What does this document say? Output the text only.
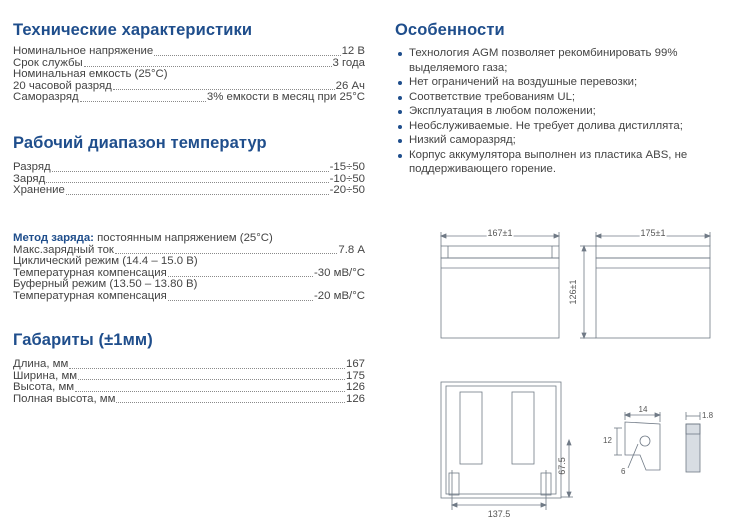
Технические характеристики
Номинальное напряжение	12 В
Срок службы	3 года
Номинальная емкость (25°C)
20 часовой разряд	26 Ач
Саморазряд	3% емкости в месяц при 25°C
Рабочий диапазон температур
Разряд	-15÷50
Заряд	-10÷50
Хранение	-20÷50
Метод заряда: постоянным напряжением (25°C)
Макс.зарядный ток	7.8 А
Циклический режим (14.4 – 15.0 В)
Температурная компенсация	-30 мВ/°C
Буферный режим (13.50 – 13.80 В)
Температурная компенсация	-20 мВ/°C
Габариты (±1мм)
Длина, мм	167
Ширина, мм	175
Высота, мм	126
Полная высота, мм	126
Особенности
Технология AGM позволяет рекомбинировать 99% выделяемого газа;
Нет ограничений на воздушные перевозки;
Соответствие требованиям UL;
Эксплуатация в любом положении;
Необслуживаемые. Не требует долива дистиллята;
Низкий саморазряд;
Корпус аккумулятора выполнен из пластика ABS, не поддерживающего горение.
167±1	175±1
126±1
67.5
137.5
14
12
6
1.8
